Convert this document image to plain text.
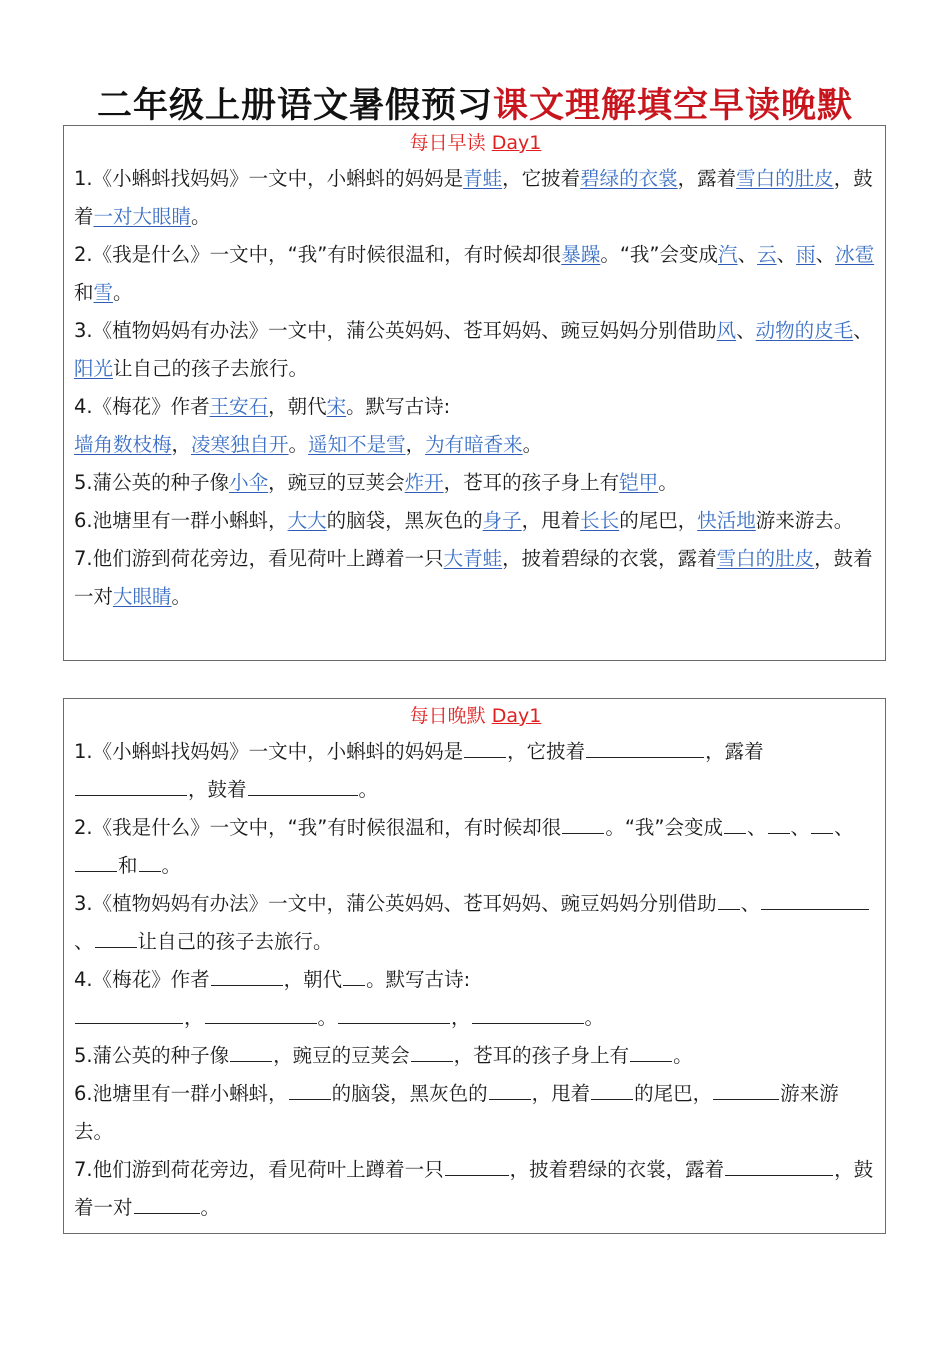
二年级上册语文暑假预习课文理解填空早读晚默
每日早读 Day1

1.《小蝌蚪找妈妈》一文中，小蝌蚪的妈妈是青蛙，它披着碧绿的衣裳，露着雪白的肚皮，鼓着一对大眼睛。

2.《我是什么》一文中，“我”有时候很温和，有时候却很暴躁。“我”会变成汽、云、雨、冰雹和雪。

3.《植物妈妈有办法》一文中，蒲公英妈妈、苍耳妈妈、豌豆妈妈分别借助风、动物的皮毛、阳光让自己的孩子去旅行。

4.《梅花》作者王安石，朝代宋。默写古诗:

墙角数枝梅，凌寒独自开。遥知不是雪，为有暗香来。

5.蒲公英的种子像小伞，豌豆的豆荚会炸开，苍耳的孩子身上有铠甲。

6.池塘里有一群小蝌蚪，大大的脑袋，黑灰色的身子，甩着长长的尾巴，快活地游来游去。

7.他们游到荷花旁边，看见荷叶上蹲着一只大青蛙，披着碧绿的衣裳，露着雪白的肚皮，鼓着一对大眼睛。

每日晚默 Day1

1.《小蝌蚪找妈妈》一文中，小蝌蚪的妈妈是 ，它披着	，露着，鼓着	。

2.《我是什么》一文中，“我”有时候很温和，有时候却很 。“我”会变成 、 、 、和 。

3.《植物妈妈有办法》一文中，蒲公英妈妈、苍耳妈妈、豌豆妈妈分别借助 、、 让自己的孩子去旅行。

4.《梅花》作者	，朝代 。默写古诗:

，	。	，	。

5.蒲公英的种子像 ，豌豆的豆荚会 ，苍耳的孩子身上有 。

6.池塘里有一群小蝌蚪， 的脑袋，黑灰色的 ，甩着 的尾巴，	游来游去。

7.他们游到荷花旁边，看见荷叶上蹲着一只	，披着碧绿的衣裳，露着	，鼓着一对	。
